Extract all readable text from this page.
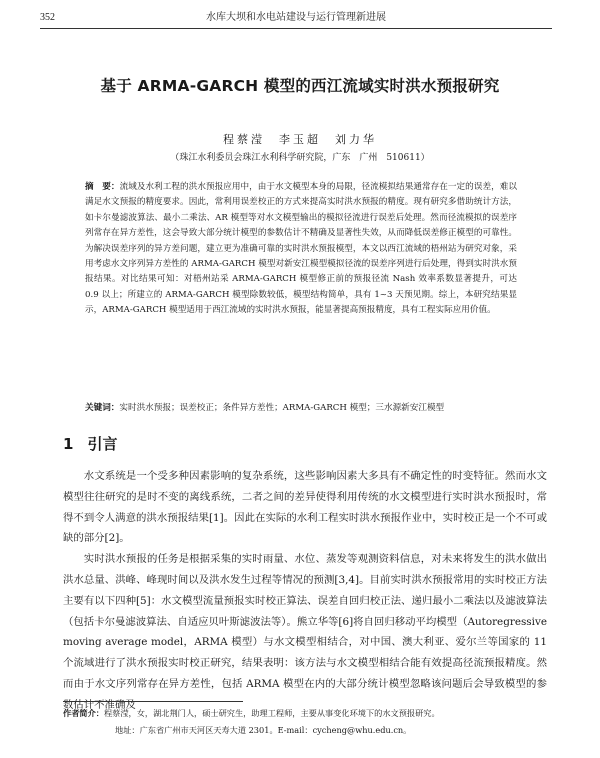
352	水库大坝和水电站建设与运行管理新进展
基于 ARMA-GARCH 模型的西江流域实时洪水预报研究
程蔡滢　李玉超　刘力华
（珠江水利委员会珠江水利科学研究院，广东　广州　510611）
摘　要：流域及水利工程的洪水预报应用中，由于水文模型本身的局限，径流模拟结果通常存在一定的误差，难以满足水文预报的精度要求。因此，常利用误差校正的方式来提高实时洪水预报的精度。现有研究多借助统计方法，如卡尔曼滤波算法、最小二乘法、AR 模型等对水文模型输出的模拟径流进行误差后处理。然而径流模拟的误差序列常存在异方差性，这会导致大部分统计模型的参数估计不精确及显著性失效，从而降低误差修正模型的可靠性。为解决误差序列的异方差问题，建立更为准确可靠的实时洪水预报模型，本文以西江流域的梧州站为研究对象，采用考虑水文序列异方差性的 ARMA-GARCH 模型对新安江模型模拟径流的误差序列进行后处理，得到实时洪水预报结果。对比结果可知：对梧州站采 ARMA-GARCH 模型修正前的预报径流 Nash 效率系数显著提升，可达 0.9 以上；所建立的 ARMA-GARCH 模型除数较低，模型结构简单，具有 1~3 天预见期。综上，本研究结果显示，ARMA-GARCH 模型适用于西江流域的实时洪水预报，能显著提高预报精度，具有工程实际应用价值。
关键词：实时洪水预报；误差校正；条件异方差性；ARMA-GARCH 模型；三水源新安江模型
1 引言

水文系统是一个受多种因素影响的复杂系统，这些影响因素大多具有不确定性的时变特征。然而水文模型往往研究的是时不变的离线系统，二者之间的差异使得利用传统的水文模型进行实时洪水预报时，常得不到令人满意的洪水预报结果[1]。因此在实际的水利工程实时洪水预报作业中，实时校正是一个不可或缺的部分[2]。

实时洪水预报的任务是根据采集的实时雨量、水位、蒸发等观测资料信息，对未来将发生的洪水做出洪水总量、洪峰、峰现时间以及洪水发生过程等情况的预测[3,4]。目前实时洪水预报常用的实时校正方法主要有以下四种[5]：水文模型流量预报实时校正算法、误差自回归校正法、递归最小二乘法以及滤波算法（包括卡尔曼滤波算法、自适应贝叶斯滤波法等）。熊立华等[6]将自回归移动平均模型（Autoregressive moving average model，ARMA 模型）与水文模型相结合，对中国、澳大利亚、爱尔兰等国家的 11 个流域进行了洪水预报实时校正研究，结果表明：该方法与水文模型相结合能有效提高径流预报精度。然而由于水文序列常存在异方差性，包括 ARMA 模型在内的大部分统计模型忽略该问题后会导致模型的参数估计不准确及

作者简介：程蔡滢，女，湖北荆门人，硕士研究生，助理工程师，主要从事变化环境下的水文预报研究。
地址：广东省广州市天河区天寿大道 2301。E-mail：cycheng@whu.edu.cn。
